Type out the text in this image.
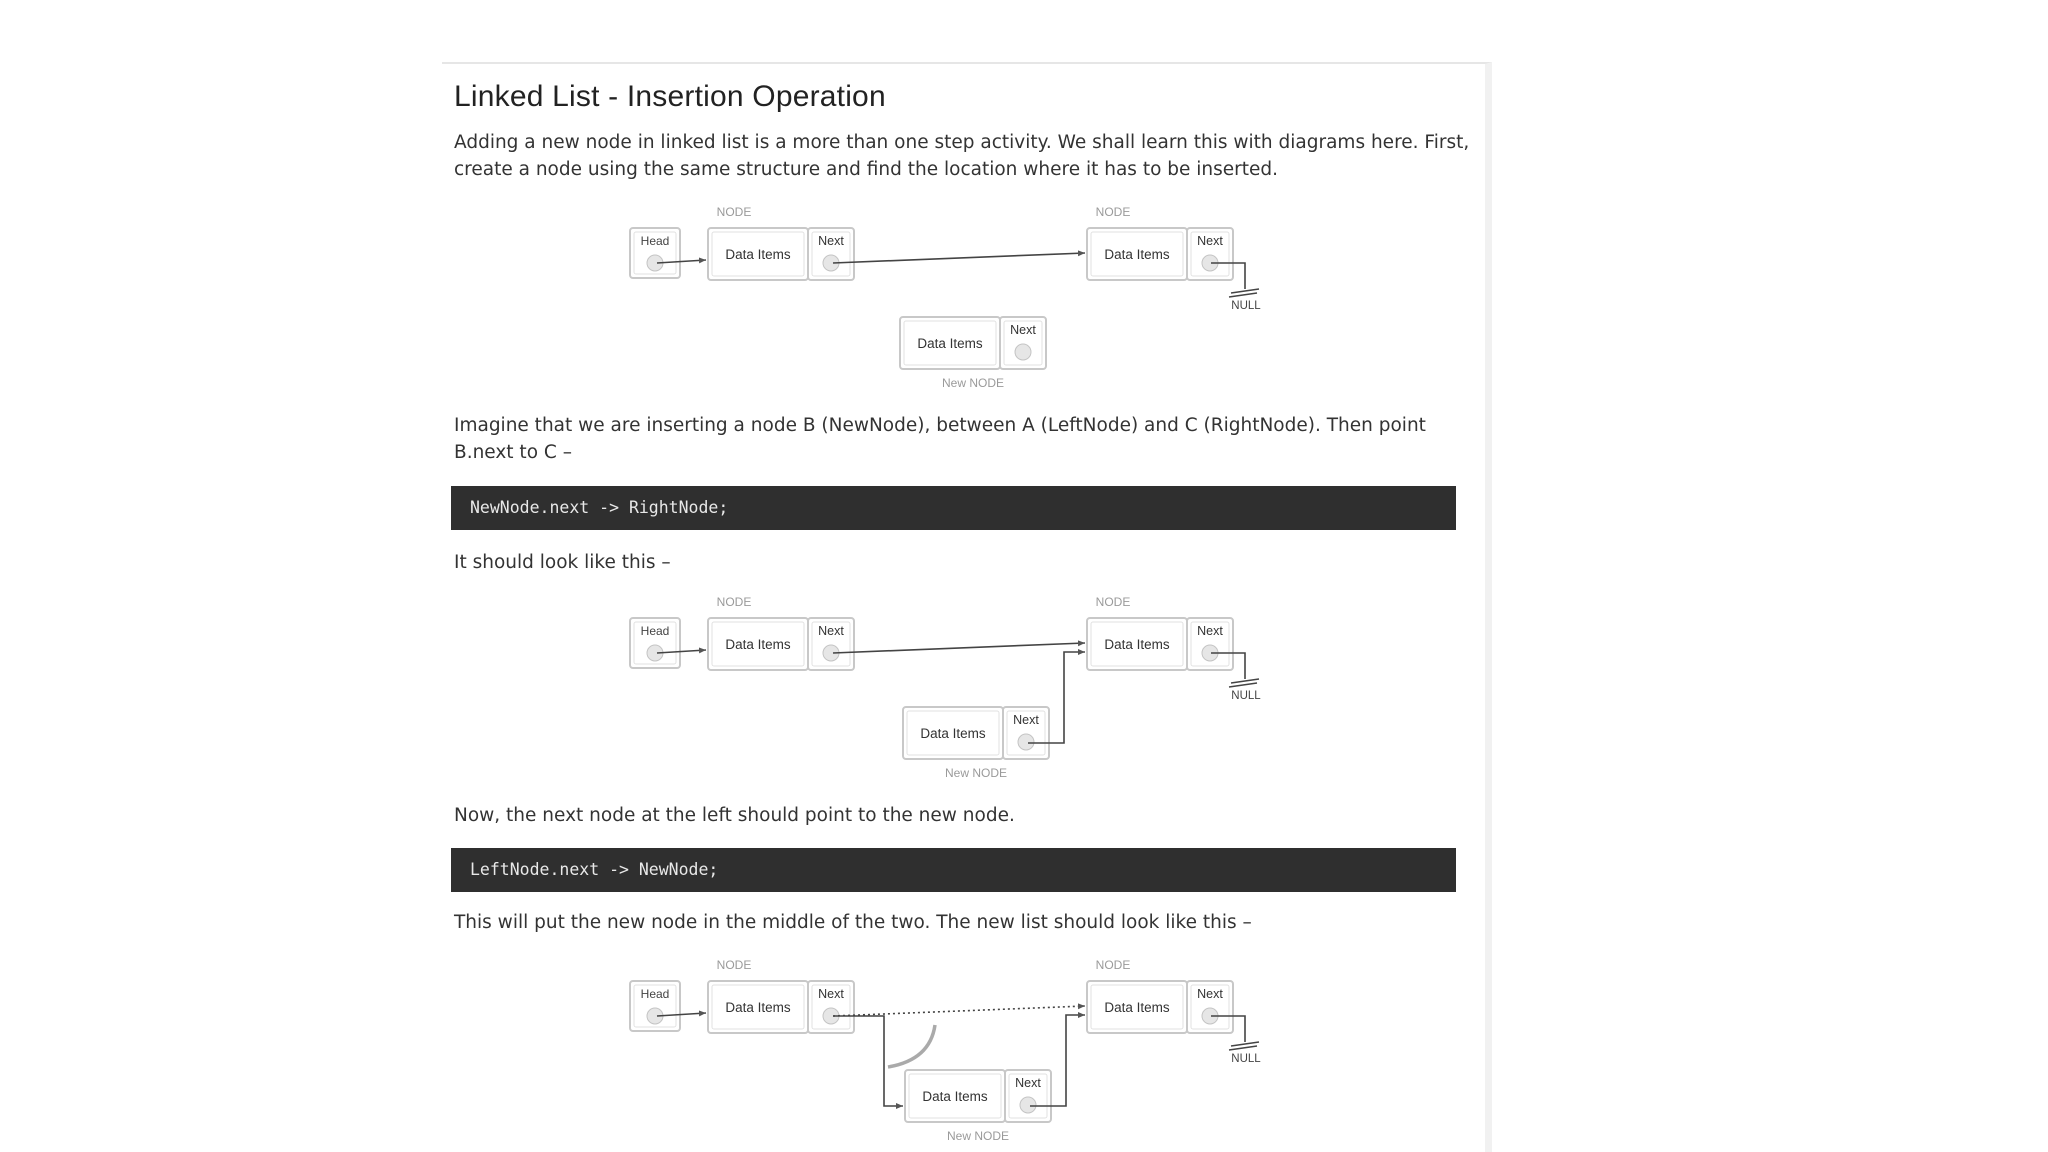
Linked List - Insertion Operation

Adding a new node in linked list is a more than one step activity. We shall learn this with diagrams here. First,

create a node using the same structure and find the location where it has to be inserted.

Imagine that we are inserting a node B (NewNode), between A (LeftNode) and C (RightNode). Then point

B.next to C –

NewNode.next -> RightNode;

It should look like this –

Now, the next node at the left should point to the new node.

LeftNode.next -> NewNode;

This will put the new node in the middle of the two. The new list should look like this –

Head
Data Items
Next
NODE
Data Items
Next
NODE
NULL
Data Items
Next
New NODE
Head
Data Items
Next
NODE
Data Items
Next
NODE
NULL
Data Items
Next
New NODE
Head
Data Items
Next
NODE
Data Items
Next
NODE
NULL
Data Items
Next
New NODE
